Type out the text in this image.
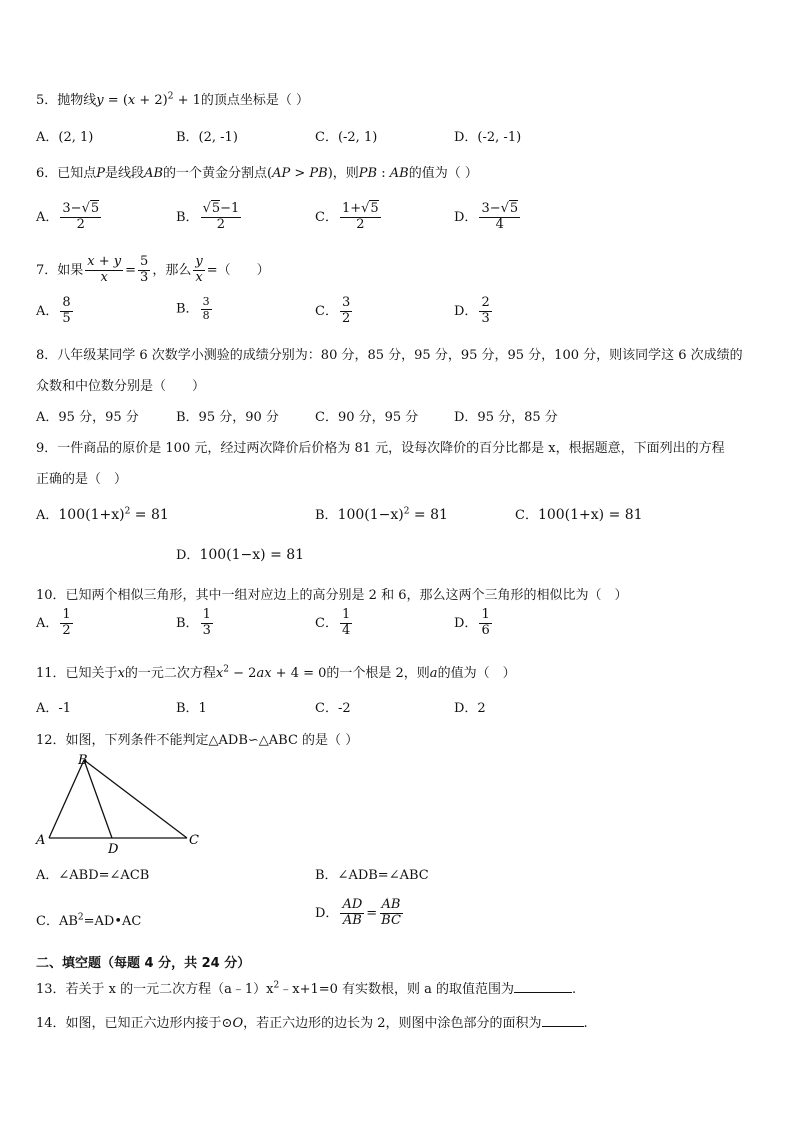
5．抛物线$y = (x + 2)^2 + 1$的顶点坐标是（ ）
A．(2, 1)	B．(2, -1)	C．(-2, 1)	D．(-2, -1)
6．已知点P是线段AB的一个黄金分割点(AP > PB)，则PB : AB的值为（ ）
A． $\frac{3-√5}{2}$	B． $\frac{√5-1}{2}$	C． $\frac{1+√5}{2}$	D． $\frac{3-√5}{4}$
7．如果 $\frac{x + y}{x} = \frac{5}{3}$ ，那么 $\frac{y}{x}$ =（　　）
A． $\frac{8}{5}$	B． $\frac{3}{8}$	C． $\frac{3}{2}$	D． $\frac{2}{3}$
8．八年级某同学 6 次数学小测验的成绩分别为：80 分，85 分，95 分，95 分，95 分，100 分，则该同学这 6 次成绩的
众数和中位数分别是（　　）
A．95 分，95 分	B．95 分，90 分	C．90 分，95 分	D．95 分，85 分
9．一件商品的原价是 100 元，经过两次降价后价格为 81 元，设每次降价的百分比都是 x，根据题意，下面列出的方程
正确的是（　）
A．$100(1+x)^2 = 81$	B．$100(1-x)^2 = 81$	C．100(1+x) = 81
D．100(1−x) = 81
10．已知两个相似三角形，其中一组对应边上的高分别是 2 和 6，那么这两个三角形的相似比为（　）
A． $\frac{1}{2}$	B． $\frac{1}{3}$	C． $\frac{1}{4}$	D． $\frac{1}{6}$
11．已知关于x的一元二次方程$x^2 - 2ax + 4 = 0$的一个根是 2，则a的值为（　）
A．-1	B．1	C．-2	D．2
12．如图，下列条件不能判定△ADB∽△ABC 的是（ ）
B
A
D
C
A．∠ABD=∠ACB	B．∠ADB=∠ABC
C．$AB^2=AD•AC$
D． $\frac{AD}{AB} = \frac{AB}{BC}$
二、填空题（每题 4 分，共 24 分）
13．若关于 x 的一元二次方程$(a﹣1)x^2﹣x+1=0$ 有实数根，则 a 的取值范围为	.
14．如图，已知正六边形内接于⊙O，若正六边形的边长为 2，则图中涂色部分的面积为	.
